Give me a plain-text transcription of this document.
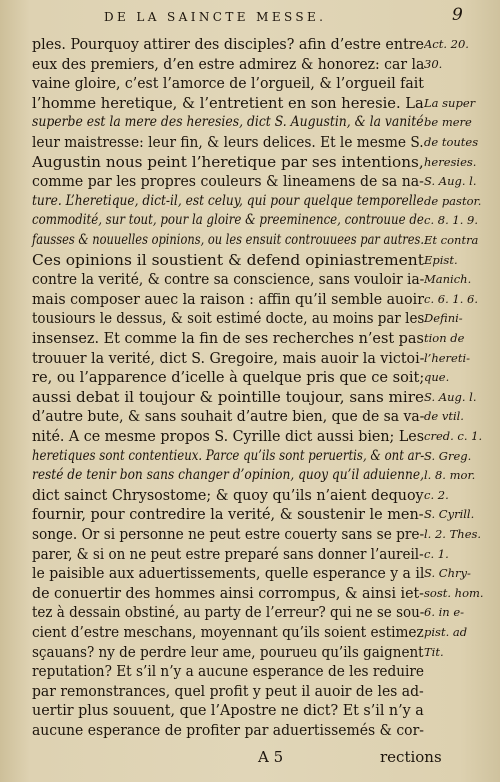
DE LA SAINCTE MESSE.	9
ples. Pourquoy attirer des disciples? afin d’estre entre
eux des premiers, d’en estre admirez & honorez: car la
vaine gloire, c’est l’amorce de l’orgueil, & l’orgueil fait
l’homme heretique, & l’entretient en son heresie. La
superbe est la mere des heresies, dict S. Augustin, & la vanité
leur maistresse: leur fin, & leurs delices. Et le mesme S.
Augustin nous peint l’heretique par ses intentions,
comme par les propres couleurs & lineamens de sa na-
ture. L’heretique, dict-il, est celuy, qui pour quelque temporelle
commodité, sur tout, pour la gloire & preeminence, controuue de
fausses & nouuelles opinions, ou les ensuit controuuees par autres.
Ces opinions il soustient & defend opiniastrement
contre la verité, & contre sa conscience, sans vouloir ia-
mais composer auec la raison : affin qu’il semble auoir
tousiours le dessus, & soit estimé docte, au moins par les
insensez. Et comme la fin de ses recherches n’est pas
trouuer la verité, dict S. Gregoire, mais auoir la victoi-
re, ou l’apparence d’icelle à quelque pris que ce soit;
aussi debat il toujour & pointille toujour, sans mire
d’autre bute, & sans souhait d’autre bien, que de sa va-
nité. A ce mesme propos S. Cyrille dict aussi bien; Les
heretiques sont contentieux. Parce qu’ils sont peruertis, & ont ar-
resté de tenir bon sans changer d’opinion, quoy qu’il aduienne,
dict sainct Chrysostome; & quoy qu’ils n’aient dequoy
fournir, pour contredire la verité, & soustenir le men-
songe. Or si personne ne peut estre couerty sans se pre-
parer, & si on ne peut estre preparé sans donner l’aureil-
le paisible aux aduertissements, quelle esperance y a il
de conuertir des hommes ainsi corrompus, & ainsi iet-
tez à dessain obstiné, au party de l’erreur? qui ne se sou-
cient d’estre meschans, moyennant qu’ils soient estimez
sçauans? ny de perdre leur ame, pourueu qu’ils gaignent
reputation? Et s’il n’y a aucune esperance de les reduire
par remonstrances, quel profit y peut il auoir de les ad-
uertir plus souuent, que l’Apostre ne dict? Et s’il n’y a
aucune esperance de profiter par aduertissemés & cor-
Act. 20.
30.
La super
be mere
de toutes
heresies.
S. Aug. l.
de pastor.
c. 8. 1. 9.
Et contra
Epist.
Manich.
c. 6. 1. 6.
Defini-
tion de
l’hereti-
que.
S. Aug. l.
de vtil.
cred. c. 1.
S. Greg.
l. 8. mor.
c. 2.
S. Cyrill.
l. 2. Thes.
c. 1.
S. Chry-
sost. hom.
6. in e-
pist. ad
Tit.
A 5	rections
